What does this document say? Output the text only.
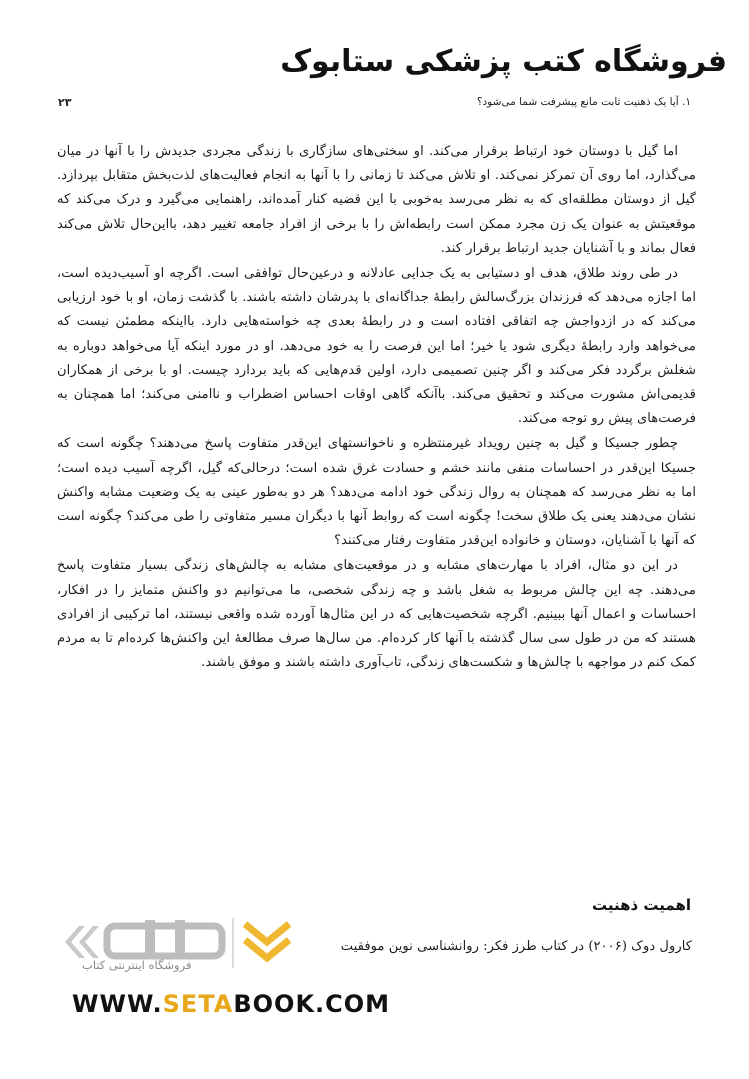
فروشگاه کتب پزشکی ستابوک
۱. آیا یک ذهنیت ثابت مانع پیشرفت شما می‌شود؟
۲۳

اما گیل با دوستان خود ارتباط برقرار می‌کند. او سختی‌های سازگاری با زندگی مجردی جدیدش را با آنها در میان می‌گذارد، اما روی آن تمرکز نمی‌کند. او تلاش می‌کند تا زمانی را با آنها به انجام فعالیت‌های لذت‌بخش متقابل بپردازد. گیل از دوستان مطلقه‌ای که به نظر می‌رسد به‌خوبی با این قضیه کنار آمده‌اند، راهنمایی می‌گیرد و درک می‌کند که موقعیتش به عنوان یک زن مجرد ممکن است رابطه‌اش را با برخی از افراد جامعه تغییر دهد، بااین‌حال تلاش می‌کند فعال بماند و با آشنایان جدید ارتباط برقرار کند.

در طی روند طلاق، هدف او دستیابی به یک جدایی عادلانه و درعین‌حال توافقی است. اگرچه او آسیب‌دیده است، اما اجازه می‌دهد که فرزندان بزرگ‌سالش رابطهٔ جداگانه‌ای با پدرشان داشته باشند. با گذشت زمان، او با خود ارزیابی می‌کند که در ازدواجش چه اتفاقی افتاده است و در رابطهٔ بعدی چه خواسته‌هایی دارد. بااینکه مطمئن نیست که می‌خواهد وارد رابطهٔ دیگری شود یا خیر؛ اما این فرصت را به خود می‌دهد. او در مورد اینکه آیا می‌خواهد دوباره به شغلش برگردد فکر می‌کند و اگر چنین تصمیمی دارد، اولین قدم‌هایی که باید بردارد چیست. او با برخی از همکاران قدیمی‌اش مشورت می‌کند و تحقیق می‌کند. باآنکه گاهی اوقات احساس اضطراب و ناامنی می‌کند؛ اما همچنان به فرصت‌های پیش رو توجه می‌کند.

چطور جسیکا و گیل به چنین رویداد غیرمنتظره و ناخوانستهای این‌قدر متفاوت پاسخ می‌دهند؟ چگونه است که جسیکا این‌قدر در احساسات منفی مانند خشم و حسادت غرق شده است؛ درحالی‌که گیل، اگرچه آسیب دیده است؛ اما به نظر می‌رسد که همچنان به روال زندگی خود ادامه می‌دهد؟ هر دو به‌طور عینی به یک وضعیت مشابه واکنش نشان می‌دهند یعنی یک طلاق سخت! چگونه است که روابط آنها با دیگران مسیر متفاوتی را طی می‌کند؟ چگونه است که آنها با آشنایان، دوستان و خانواده این‌قدر متفاوت رفتار می‌کنند؟

در این دو مثال، افراد با مهارت‌های مشابه و در موقعیت‌های مشابه به چالش‌های زندگی بسیار متفاوت پاسخ می‌دهند. چه این چالش مربوط به شغل باشد و چه زندگی شخصی، ما می‌توانیم دو واکنش متمایز را در افکار، احساسات و اعمال آنها ببینیم. اگرچه شخصیت‌هایی که در این مثال‌ها آورده شده واقعی نیستند، اما ترکیبی از افرادی هستند که من در طول سی سال گذشته با آنها کار کرده‌ام. من سال‌ها صرف مطالعهٔ این واکنش‌ها کرده‌ام تا به مردم کمک کنم در مواجهه با چالش‌ها و شکست‌های زندگی، تاب‌آوری داشته باشند و موفق باشند.

اهمیت ذهنیت
کارول دوک (۲۰۰۶) در کتاب طرز فکر: روانشناسی نوین موفقیت
فروشگاه اینترنتی کتاب
WWW.SETABOOK.COM
